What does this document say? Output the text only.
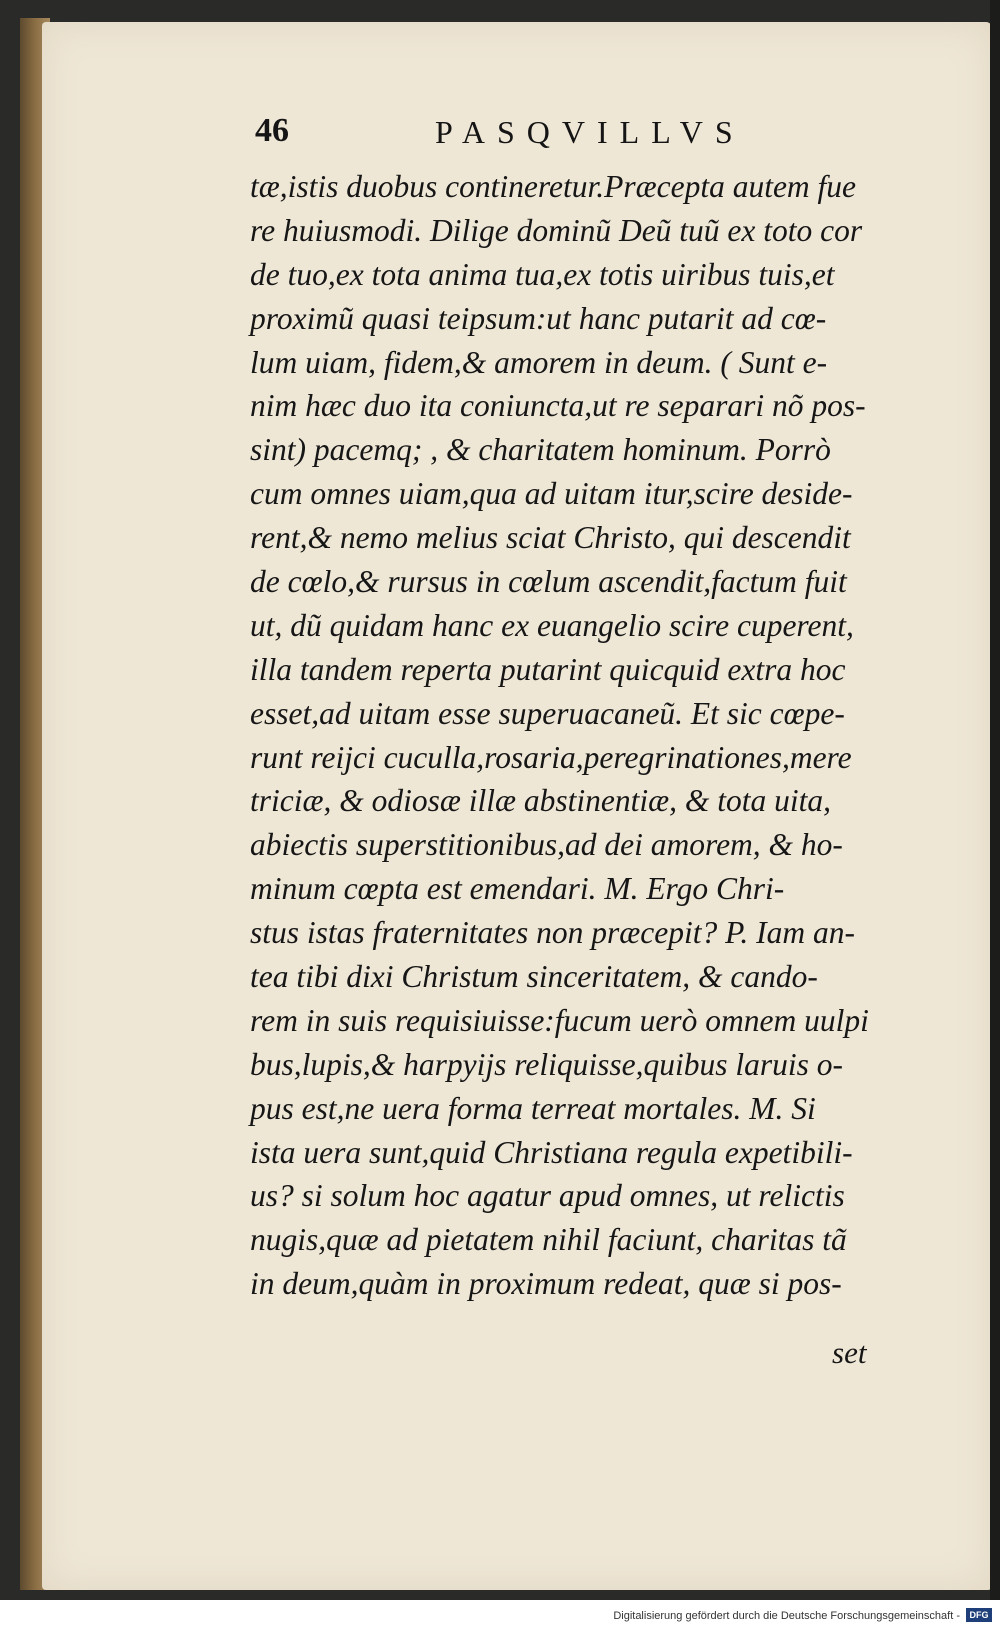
46	PASQVILLVS
tæ,istis duobus contineretur.Præcepta autem fue
re huiusmodi. Dilige dominũ Deũ tuũ ex toto cor
de tuo,ex tota anima tua,ex totis uiribus tuis,et
proximũ quasi teipsum:ut hanc putarit ad cœ-
lum uiam, fidem,& amorem in deum. ( Sunt e-
nim hæc duo ita coniuncta,ut re separari nõ pos-
sint) pacemq; , & charitatem hominum. Porrò
cum omnes uiam,qua ad uitam itur,scire deside-
rent,& nemo melius sciat Christo, qui descendit
de cœlo,& rursus in cœlum ascendit,factum fuit
ut, dũ quidam hanc ex euangelio scire cuperent,
illa tandem reperta putarint quicquid extra hoc
esset,ad uitam esse superuacaneũ. Et sic cœpe-
runt reijci cuculla,rosaria,peregrinationes,mere
triciæ, & odiosæ illæ abstinentiæ, & tota uita,
abiectis superstitionibus,ad dei amorem, & ho-
minum cœpta est emendari. M. Ergo Chri-
stus istas fraternitates non præcepit? P. Iam an-
tea tibi dixi Christum sinceritatem, & cando-
rem in suis requisiuisse:fucum uerò omnem uulpi
bus,lupis,& harpyijs reliquisse,quibus laruis o-
pus est,ne uera forma terreat mortales. M. Si
ista uera sunt,quid Christiana regula expetibili-
us? si solum hoc agatur apud omnes, ut relictis
nugis,quæ ad pietatem nihil faciunt, charitas tã
in deum,quàm in proximum redeat, quæ si pos-
set
Digitalisierung gefördert durch die Deutsche Forschungsgemeinschaft -	DFG
